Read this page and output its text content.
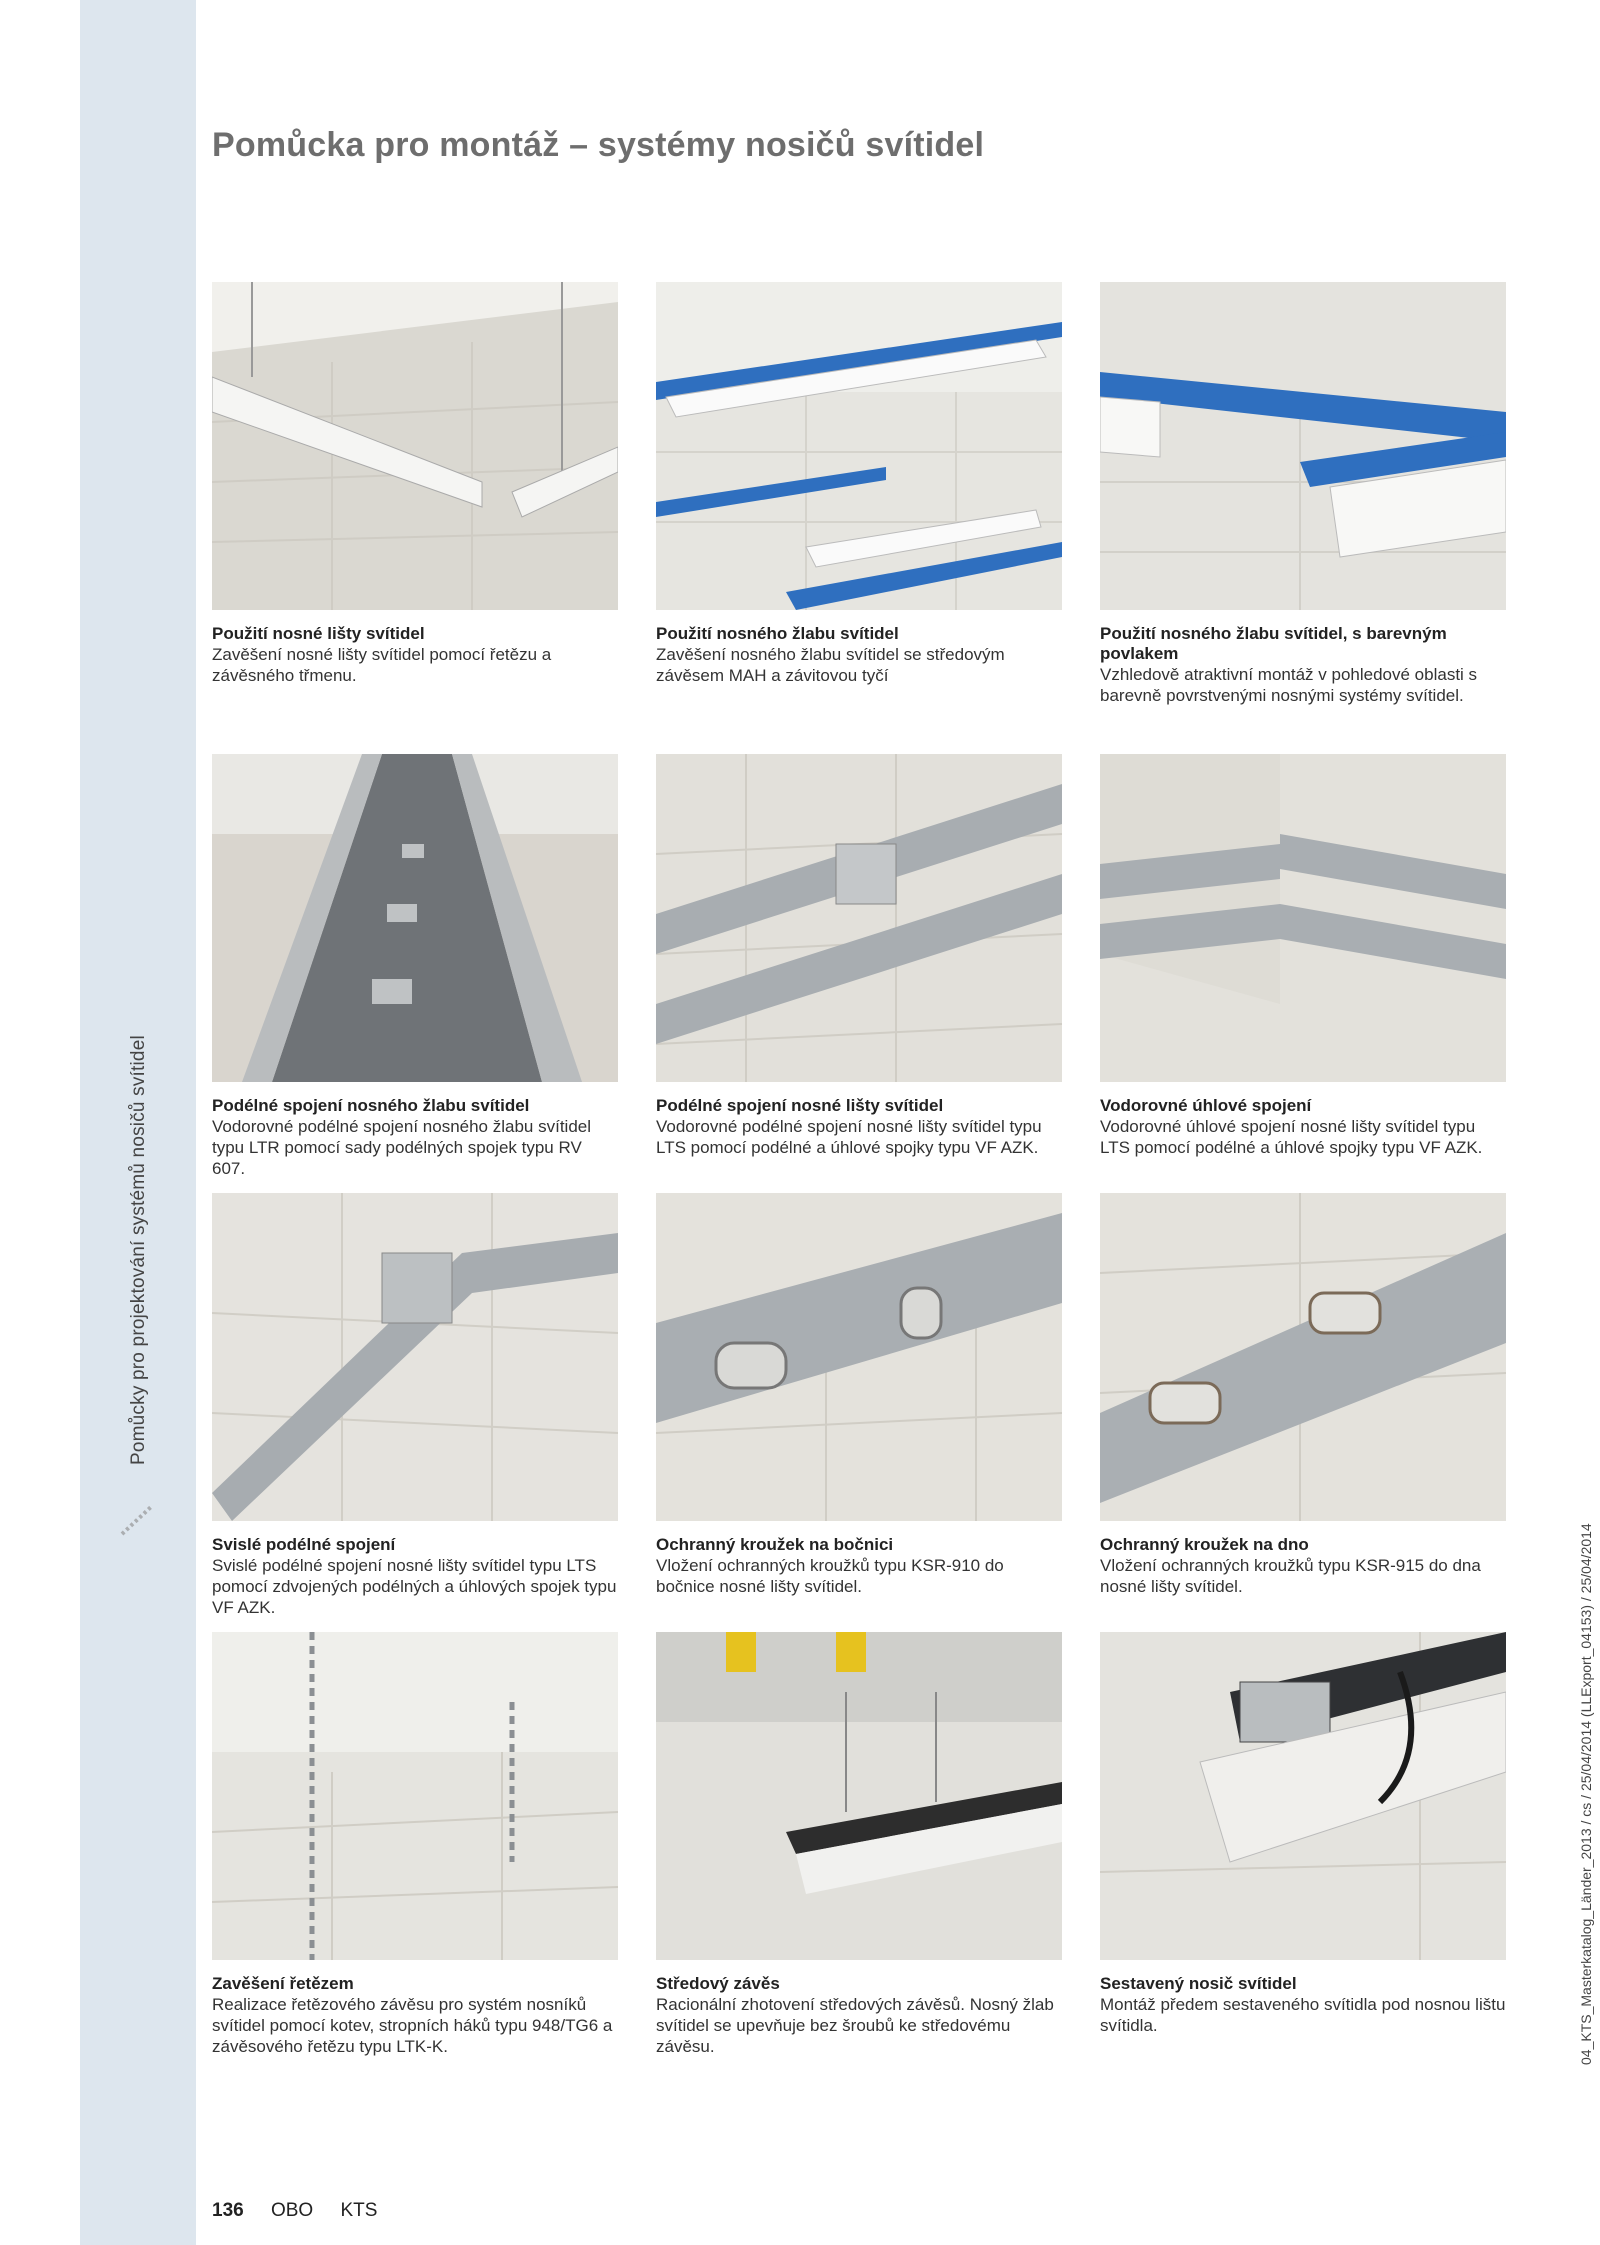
Pomůcky pro projektování systémů nosičů svítidel
Pomůcka pro montáž – systémy nosičů svítidel

Použití nosné lišty svítidel

Zavěšení nosné lišty svítidel pomocí řetězu a závěsného třmenu.

Použití nosného žlabu svítidel

Zavěšení nosného žlabu svítidel se středovým závěsem MAH a závitovou tyčí

Použití nosného žlabu svítidel, s barevným povlakem

Vzhledově atraktivní montáž v pohledové oblasti s barevně povrstvenými nosnými systémy svítidel.

Podélné spojení nosného žlabu svítidel

Vodorovné podélné spojení nosného žlabu svítidel typu LTR pomocí sady podélných spojek typu RV 607.

Podélné spojení nosné lišty svítidel

Vodorovné podélné spojení nosné lišty svítidel typu LTS pomocí podélné a úhlové spojky typu VF AZK.

Vodorovné úhlové spojení

Vodorovné úhlové spojení nosné lišty svítidel typu LTS pomocí podélné a úhlové spojky typu VF AZK.

Svislé podélné spojení

Svislé podélné spojení nosné lišty svítidel typu LTS pomocí zdvojených podélných a úhlových spojek typu VF AZK.

Ochranný kroužek na bočnici

Vložení ochranných kroužků typu KSR-910 do bočnice nosné lišty svítidel.

Ochranný kroužek na dno

Vložení ochranných kroužků typu KSR-915 do dna nosné lišty svítidel.

Zavěšení řetězem

Realizace řetězového závěsu pro systém nosníků svítidel pomocí kotev, stropních háků typu 948/TG6 a závěsového řetězu typu LTK-K.

Středový závěs

Racionální zhotovení středových závěsů. Nosný žlab svítidel se upevňuje bez šroubů ke středovému závěsu.

Sestavený nosič svítidel

Montáž předem sestaveného svítidla pod nosnou lištu svítidla.

136 OBO KTS
04_KTS_Masterkatalog_Länder_2013 / cs / 25/04/2014 (LLExport_04153) / 25/04/2014
